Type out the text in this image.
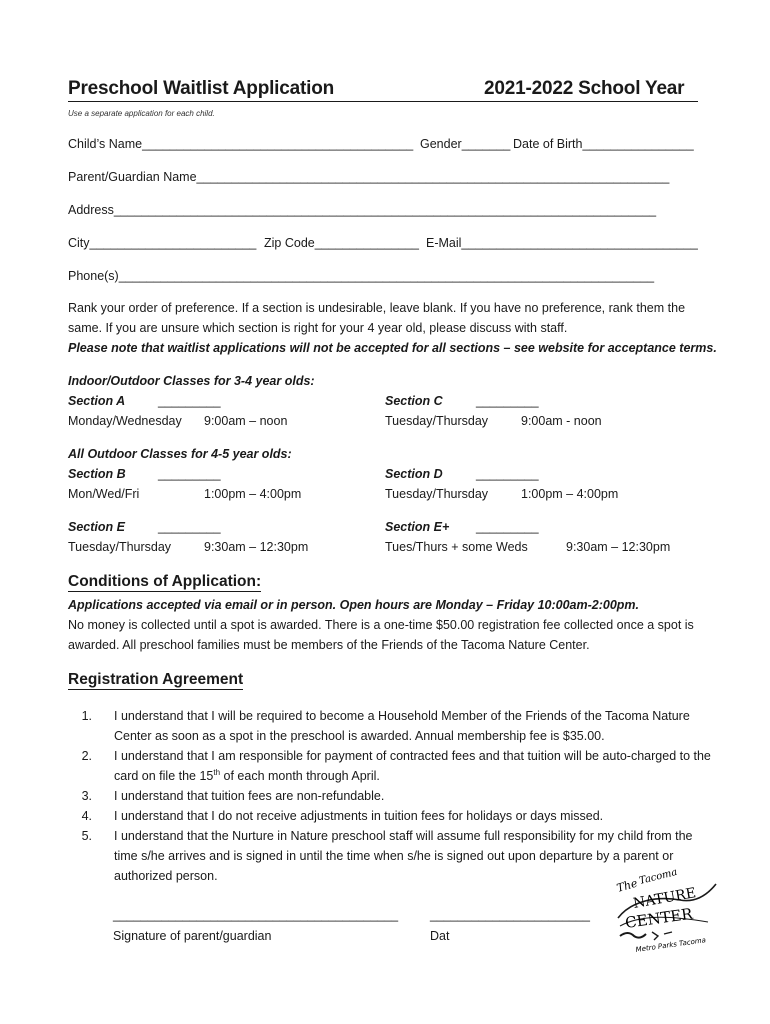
Preschool Waitlist Application	2021-2022 School Year
Use a separate application for each child.
Child’s Name_______________________________________ Gender_______ Date of Birth________________
Parent/Guardian Name____________________________________________________________________
Address______________________________________________________________________________
City________________________ Zip Code_______________ E-Mail__________________________________
Phone(s)_____________________________________________________________________________
Rank your order of preference. If a section is undesirable, leave blank. If you have no preference, rank them the same. If you are unsure which section is right for your 4 year old, please discuss with staff.
Please note that waitlist applications will not be accepted for all sections – see website for acceptance terms.
Indoor/Outdoor Classes for 3-4 year olds:
Section A	_________
Monday/Wednesday 9:00am – noon
Section C	_________
Tuesday/Thursday	9:00am - noon
All Outdoor Classes for 4-5 year olds:
Section B	_________
Mon/Wed/Fri	1:00pm – 4:00pm
Section D	_________
Tuesday/Thursday	1:00pm – 4:00pm
Section E	_________
Tuesday/Thursday	9:30am – 12:30pm
Section E+ _________
Tues/Thurs + some Weds	9:30am – 12:30pm
Conditions of Application:
Applications accepted via email or in person. Open hours are Monday – Friday 10:00am-2:00pm.
No money is collected until a spot is awarded. There is a one-time $50.00 registration fee collected once a spot is awarded. All preschool families must be members of the Friends of the Tacoma Nature Center.
Registration Agreement
1. I understand that I will be required to become a Household Member of the Friends of the Tacoma Nature Center as soon as a spot in the preschool is awarded. Annual membership fee is $35.00.
2. I understand that I am responsible for payment of contracted fees and that tuition will be auto-charged to the card on file the 15th of each month through April.
3. I understand that tuition fees are non-refundable.
4. I understand that I do not receive adjustments in tuition fees for holidays or days missed.
5. I understand that the Nurture in Nature preschool staff will assume full responsibility for my child from the time s/he arrives and is signed in until the time when s/he is signed out upon departure by a parent or authorized person.
_________________________________________	_______________________
Signature of parent/guardian	Dat
The Tacoma
NATURE
CENTER
Metro Parks Tacoma
